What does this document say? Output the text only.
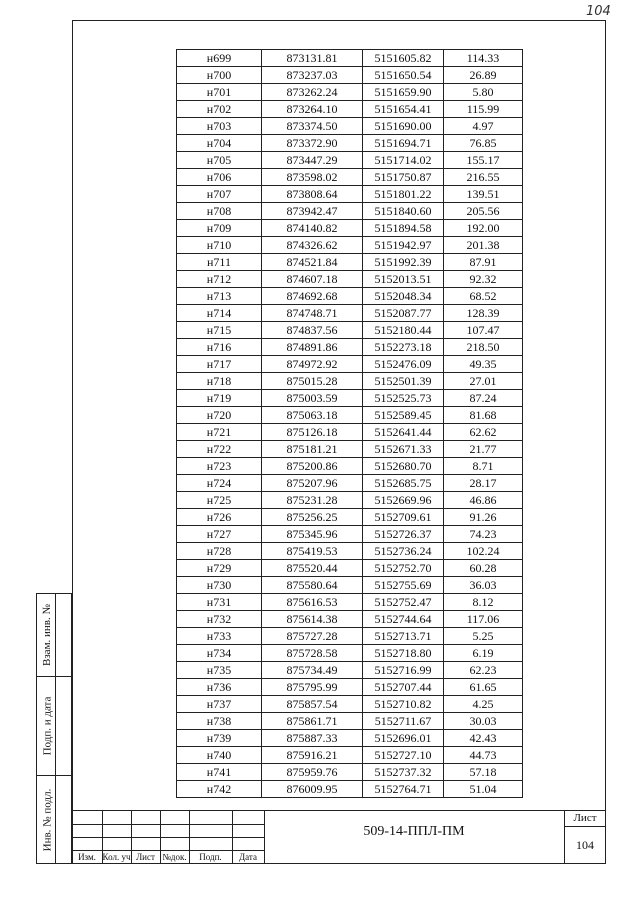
104
н699	873131.81	5151605.82	114.33
н700	873237.03	5151650.54	26.89
н701	873262.24	5151659.90	5.80
н702	873264.10	5151654.41	115.99
н703	873374.50	5151690.00	4.97
н704	873372.90	5151694.71	76.85
н705	873447.29	5151714.02	155.17
н706	873598.02	5151750.87	216.55
н707	873808.64	5151801.22	139.51
н708	873942.47	5151840.60	205.56
н709	874140.82	5151894.58	192.00
н710	874326.62	5151942.97	201.38
н711	874521.84	5151992.39	87.91
н712	874607.18	5152013.51	92.32
н713	874692.68	5152048.34	68.52
н714	874748.71	5152087.77	128.39
н715	874837.56	5152180.44	107.47
н716	874891.86	5152273.18	218.50
н717	874972.92	5152476.09	49.35
н718	875015.28	5152501.39	27.01
н719	875003.59	5152525.73	87.24
н720	875063.18	5152589.45	81.68
н721	875126.18	5152641.44	62.62
н722	875181.21	5152671.33	21.77
н723	875200.86	5152680.70	8.71
н724	875207.96	5152685.75	28.17
н725	875231.28	5152669.96	46.86
н726	875256.25	5152709.61	91.26
н727	875345.96	5152726.37	74.23
н728	875419.53	5152736.24	102.24
н729	875520.44	5152752.70	60.28
н730	875580.64	5152755.69	36.03
н731	875616.53	5152752.47	8.12
н732	875614.38	5152744.64	117.06
н733	875727.28	5152713.71	5.25
н734	875728.58	5152718.80	6.19
н735	875734.49	5152716.99	62.23
н736	875795.99	5152707.44	61.65
н737	875857.54	5152710.82	4.25
н738	875861.71	5152711.67	30.03
н739	875887.33	5152696.01	42.43
н740	875916.21	5152727.10	44.73
н741	875959.76	5152737.32	57.18
н742	876009.95	5152764.71	51.04
Взам. инв. №
Подп. и дата
Инв. № подл.
Изм. Кол. уч Лист №док.	Подп.	Дата
509-14-ППЛ-ПМ
Лист
104
